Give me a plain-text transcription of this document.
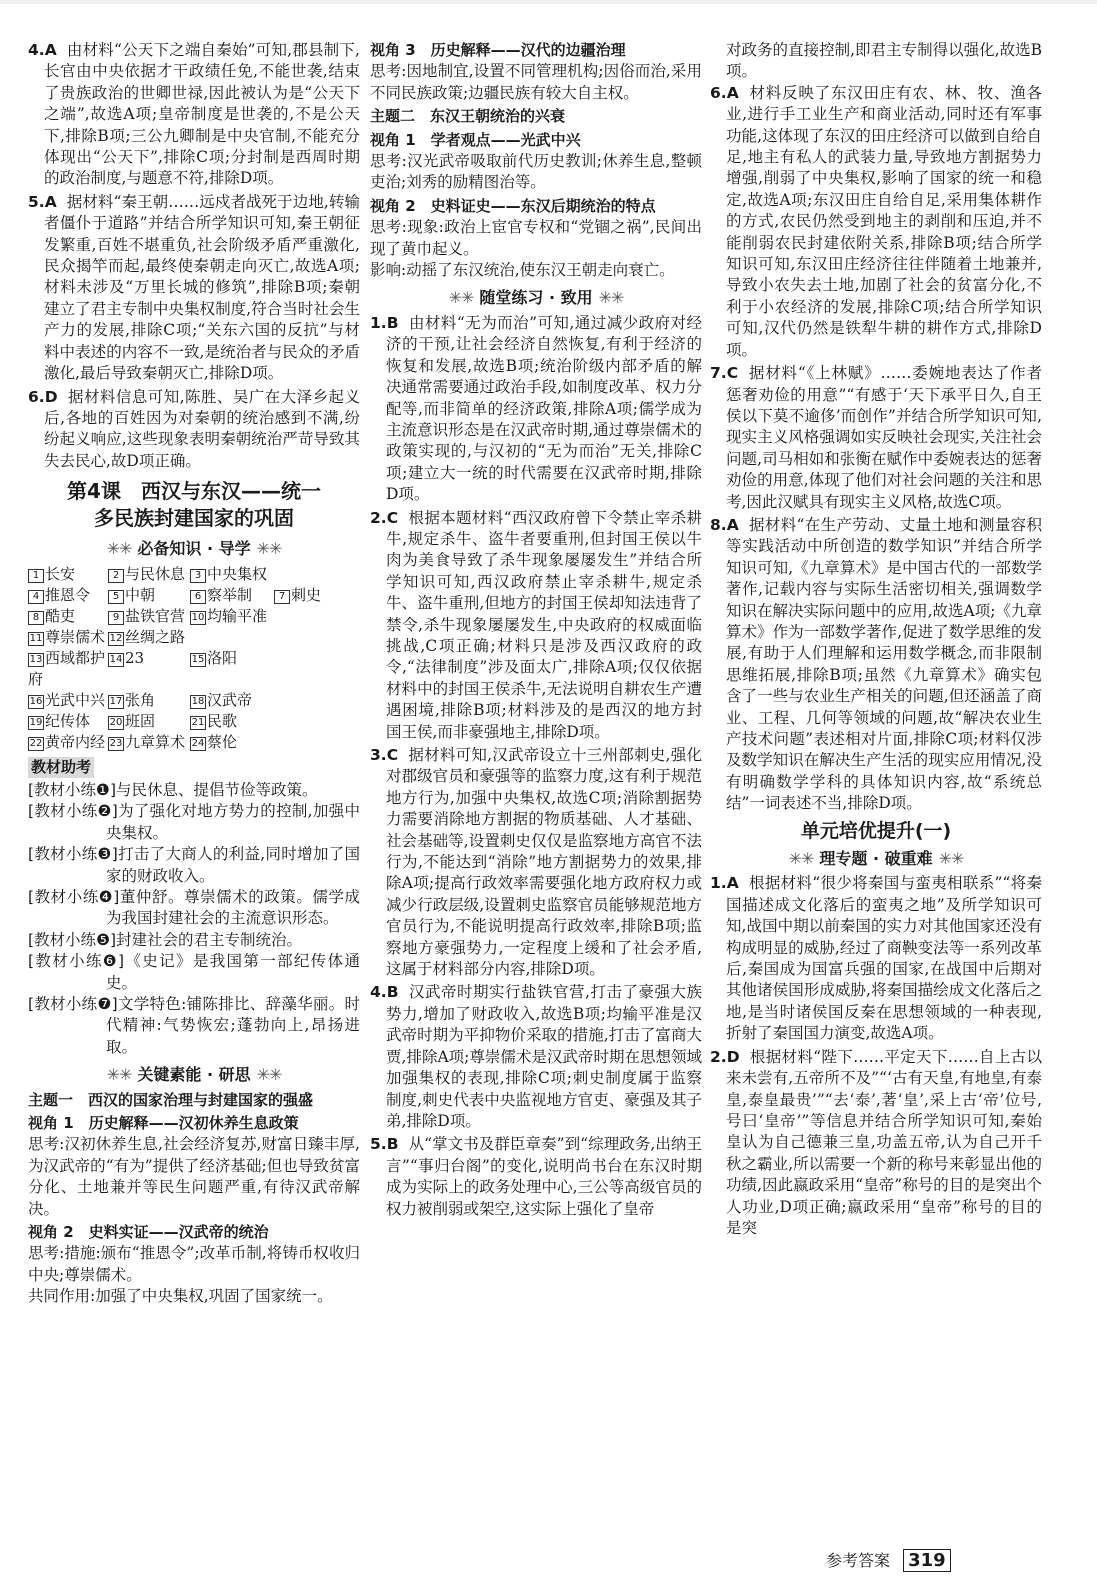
4.A 由材料“公天下之端自秦始”可知,郡县制下,长官由中央依据才干政绩任免,不能世袭,结束了贵族政治的世卿世禄,因此被认为是“公天下之端”,故选A项;皇帝制度是世袭的,不是公天下,排除B项;三公九卿制是中央官制,不能充分体现出“公天下”,排除C项;分封制是西周时期的政治制度,与题意不符,排除D项。

5.A 据材料“秦王朝……远戍者战死于边地,转输者僵仆于道路”并结合所学知识可知,秦王朝征发繁重,百姓不堪重负,社会阶级矛盾严重激化,民众揭竿而起,最终使秦朝走向灭亡,故选A项;材料未涉及“万里长城的修筑”,排除B项;秦朝建立了君主专制中央集权制度,符合当时社会生产力的发展,排除C项;“关东六国的反抗”与材料中表述的内容不一致,是统治者与民众的矛盾激化,最后导致秦朝灭亡,排除D项。

6.D 据材料信息可知,陈胜、吴广在大泽乡起义后,各地的百姓因为对秦朝的统治感到不满,纷纷起义响应,这些现象表明秦朝统治严苛导致其失去民心,故D项正确。

第4课　西汉与东汉——统一
多民族封建国家的巩固
✳✳ 必备知识 · 导学 ✳✳
1 长安	2 与民休息 3 中央集权
4 推恩令	5 中朝	6 察举制	7 刺史
8 酷吏	9 盐铁官营 10 均输平准
11 尊崇儒术 12 丝绸之路
13 西域都护府
14 23	15 洛阳
16 光武中兴 17 张角	18 汉武帝
19 纪传体	20 班固	21 民歌
22 黄帝内经 23 九章算术 24 蔡伦
教材助考

[教材小练❶]与民休息、提倡节俭等政策。

[教材小练❷]为了强化对地方势力的控制,加强中央集权。

[教材小练❸]打击了大商人的利益,同时增加了国家的财政收入。

[教材小练❹]董仲舒。尊崇儒术的政策。儒学成为我国封建社会的主流意识形态。

[教材小练❺]封建社会的君主专制统治。

[教材小练❻]《史记》是我国第一部纪传体通史。

[教材小练❼]文学特色:铺陈排比、辞藻华丽。时代精神:气势恢宏;蓬勃向上,昂扬进取。

✳✳ 关键素能 · 研思 ✳✳

主题一　西汉的国家治理与封建国家的强盛

视角 1　历史解释——汉初休养生息政策

思考:汉初休养生息,社会经济复苏,财富日臻丰厚,为汉武帝的“有为”提供了经济基础;但也导致贫富分化、土地兼并等民生问题严重,有待汉武帝解决。

视角 2　史料实证——汉武帝的统治

思考:措施:颁布“推恩令”;改革币制,将铸币权收归中央;尊崇儒术。

共同作用:加强了中央集权,巩固了国家统一。

视角 3　历史解释——汉代的边疆治理

思考:因地制宜,设置不同管理机构;因俗而治,采用不同民族政策;边疆民族有较大自主权。

主题二　东汉王朝统治的兴衰

视角 1　学者观点——光武中兴

思考:汉光武帝吸取前代历史教训;休养生息,整顿吏治;刘秀的励精图治等。

视角 2　史料证史——东汉后期统治的特点

思考:现象:政治上宦官专权和“党锢之祸”,民间出现了黄巾起义。

影响:动摇了东汉统治,使东汉王朝走向衰亡。

✳✳ 随堂练习 · 致用 ✳✳

1.B 由材料“无为而治”可知,通过减少政府对经济的干预,让社会经济自然恢复,有利于经济的恢复和发展,故选B项;统治阶级内部矛盾的解决通常需要通过政治手段,如制度改革、权力分配等,而非简单的经济政策,排除A项;儒学成为主流意识形态是在汉武帝时期,通过尊崇儒术的政策实现的,与汉初的“无为而治”无关,排除C项;建立大一统的时代需要在汉武帝时期,排除D项。

2.C 根据本题材料“西汉政府曾下令禁止宰杀耕牛,规定杀牛、盗牛者要重刑,但封国王侯以牛肉为美食导致了杀牛现象屡屡发生”并结合所学知识可知,西汉政府禁止宰杀耕牛,规定杀牛、盗牛重刑,但地方的封国王侯却知法违背了禁令,杀牛现象屡屡发生,中央政府的权威面临挑战,C项正确;材料只是涉及西汉政府的政令,“法律制度”涉及面太广,排除A项;仅仅依据材料中的封国王侯杀牛,无法说明自耕农生产遭遇困境,排除B项;材料涉及的是西汉的地方封国王侯,而非豪强地主,排除D项。

3.C 据材料可知,汉武帝设立十三州部刺史,强化对郡级官员和豪强等的监察力度,这有利于规范地方行为,加强中央集权,故选C项;消除割据势力需要消除地方割据的物质基础、人才基础、社会基础等,设置刺史仅仅是监察地方高官不法行为,不能达到“消除”地方割据势力的效果,排除A项;提高行政效率需要强化地方政府权力或减少行政层级,设置刺史监察官员能够规范地方官员行为,不能说明提高行政效率,排除B项;监察地方豪强势力,一定程度上缓和了社会矛盾,这属于材料部分内容,排除D项。

4.B 汉武帝时期实行盐铁官营,打击了豪强大族势力,增加了财政收入,故选B项;均输平准是汉武帝时期为平抑物价采取的措施,打击了富商大贾,排除A项;尊崇儒术是汉武帝时期在思想领域加强集权的表现,排除C项;刺史制度属于监察制度,刺史代表中央监视地方官吏、豪强及其子弟,排除D项。

5.B 从“掌文书及群臣章奏”到“综理政务,出纳王言”“事归台阁”的变化,说明尚书台在东汉时期成为实际上的政务处理中心,三公等高级官员的权力被削弱或架空,这实际上强化了皇帝

对政务的直接控制,即君主专制得以强化,故选B项。

6.A 材料反映了东汉田庄有农、林、牧、渔各业,进行手工业生产和商业活动,同时还有军事功能,这体现了东汉的田庄经济可以做到自给自足,地主有私人的武装力量,导致地方割据势力增强,削弱了中央集权,影响了国家的统一和稳定,故选A项;东汉田庄自给自足,采用集体耕作的方式,农民仍然受到地主的剥削和压迫,并不能削弱农民封建依附关系,排除B项;结合所学知识可知,东汉田庄经济往往伴随着土地兼并,导致小农失去土地,加剧了社会的贫富分化,不利于小农经济的发展,排除C项;结合所学知识可知,汉代仍然是铁犁牛耕的耕作方式,排除D项。

7.C 据材料“《上林赋》……委婉地表达了作者惩奢劝俭的用意”“有感于‘天下承平日久,自王侯以下莫不逾侈’而创作”并结合所学知识可知,现实主义风格强调如实反映社会现实,关注社会问题,司马相如和张衡在赋作中委婉表达的惩奢劝俭的用意,体现了他们对社会问题的关注和思考,因此汉赋具有现实主义风格,故选C项。

8.A 据材料“在生产劳动、丈量土地和测量容积等实践活动中所创造的数学知识”并结合所学知识可知,《九章算术》是中国古代的一部数学著作,记载内容与实际生活密切相关,强调数学知识在解决实际问题中的应用,故选A项;《九章算术》作为一部数学著作,促进了数学思维的发展,有助于人们理解和运用数学概念,而非限制思维拓展,排除B项;虽然《九章算术》确实包含了一些与农业生产相关的问题,但还涵盖了商业、工程、几何等领域的问题,故“解决农业生产技术问题”表述相对片面,排除C项;材料仅涉及数学知识在解决生产生活的现实应用情况,没有明确数学学科的具体知识内容,故“系统总结”一词表述不当,排除D项。

单元培优提升(一)

✳✳ 理专题 · 破重难 ✳✳

1.A 根据材料“很少将秦国与蛮夷相联系”“将秦国描述成文化落后的蛮夷之地”及所学知识可知,战国中期以前秦国的实力对其他国家还没有构成明显的威胁,经过了商鞅变法等一系列改革后,秦国成为国富兵强的国家,在战国中后期对其他诸侯国形成威胁,将秦国描绘成文化落后之地,是当时诸侯国反秦在思想领域的一种表现,折射了秦国国力演变,故选A项。

2.D 根据材料“陛下……平定天下……自上古以来未尝有,五帝所不及”“‘古有天皇,有地皇,有泰皇,泰皇最贵’”“去‘泰’,著‘皇’,采上古‘帝’位号,号曰‘皇帝’”等信息并结合所学知识可知,秦始皇认为自己德兼三皇,功盖五帝,认为自己开千秋之霸业,所以需要一个新的称号来彰显出他的功绩,因此嬴政采用“皇帝”称号的目的是突出个人功业,D项正确;嬴政采用“皇帝”称号的目的是突

参考答案 319
